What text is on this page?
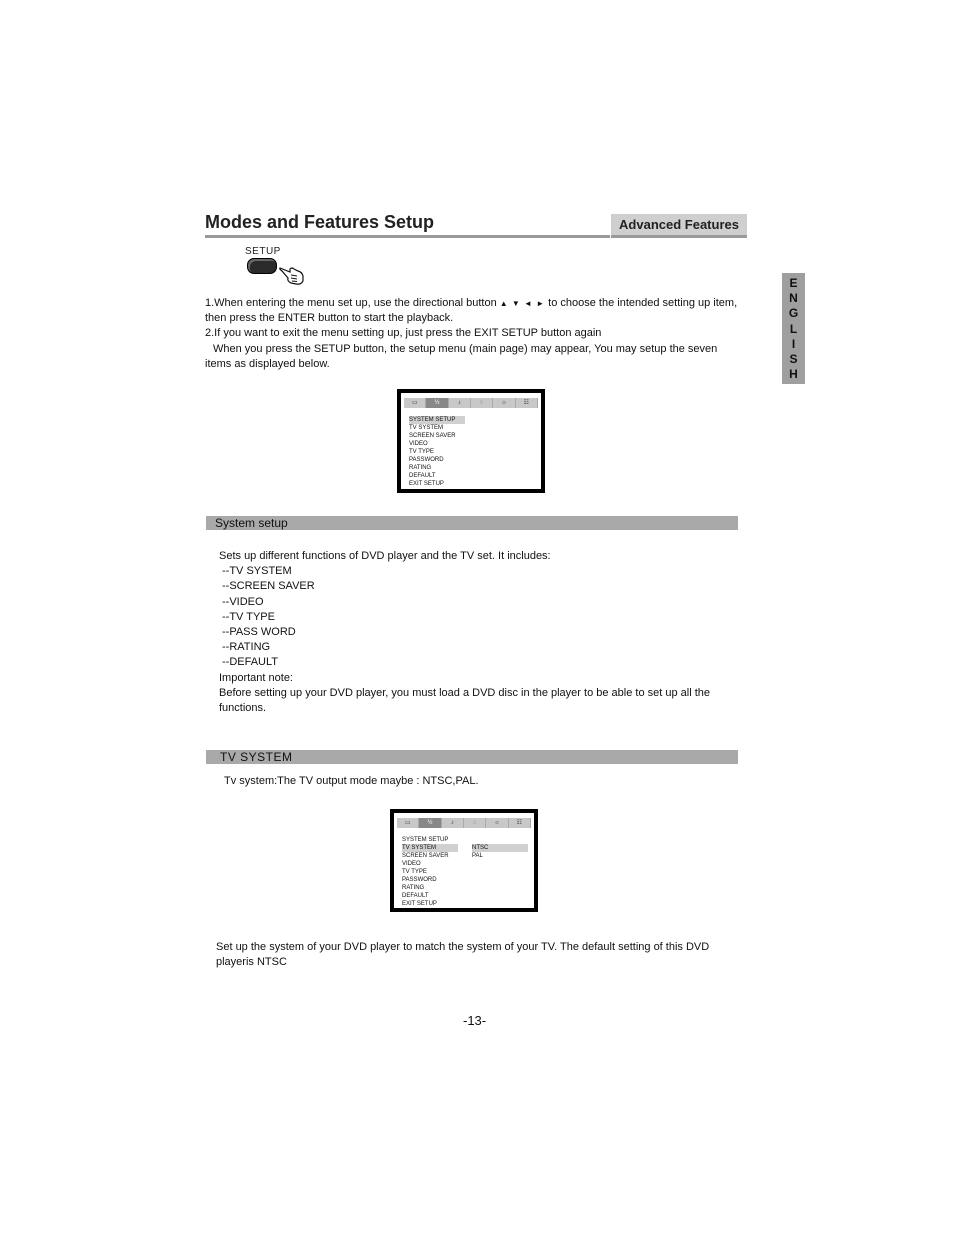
Modes and Features Setup	Advanced Features
E
N
G
L
I
S
H
SETUP

1.When entering the menu set up, use the directional button ▲ ▼ ◄ ► to choose the intended setting up item, then press the ENTER button to start the playback.

2.If you want to exit the menu setting up, just press the EXIT SETUP button again

When you press the SETUP button, the setup menu (main page) may appear, You may setup the seven items as displayed below.

▭	½	♪	◌	☼	☷
SYSTEM SETUP
TV SYSTEM
SCREEN SAVER
VIDEO
TV TYPE
PASSWORD
RATING
DEFAULT
EXIT SETUP
System setup
Sets up different functions of DVD player and the TV set. It includes:
--TV SYSTEM
--SCREEN SAVER
--VIDEO
--TV TYPE
--PASS WORD
--RATING
--DEFAULT
Important note:
Before setting up your DVD player, you must load a DVD disc in the player to be able to set up all the functions.
TV SYSTEM
Tv system:The TV output mode maybe : NTSC,PAL.
▭	½	♪	◌	☼	☷
SYSTEM SETUP
TV SYSTEM
SCREEN SAVER
VIDEO
TV TYPE
PASSWORD
RATING
DEFAULT
EXIT SETUP
NTSC
PAL
Set up the system of your DVD player to match the system of your TV. The default setting of this DVD playeris NTSC
-13-
